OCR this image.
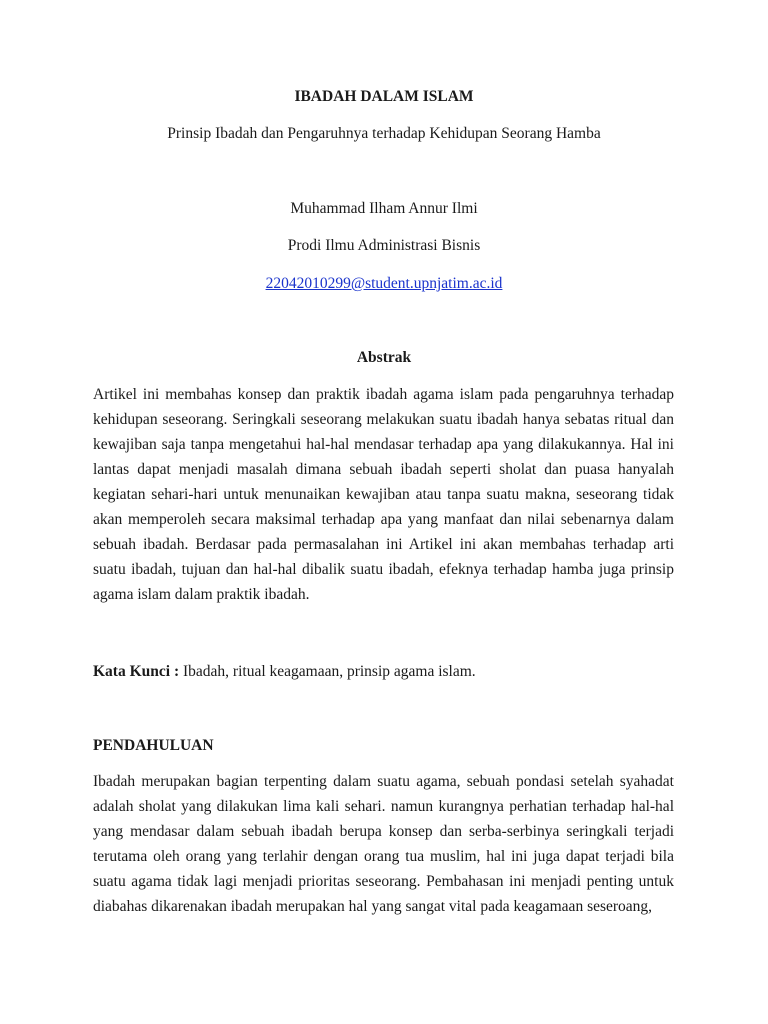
IBADAH DALAM ISLAM
Prinsip Ibadah dan Pengaruhnya terhadap Kehidupan Seorang Hamba
Muhammad Ilham Annur Ilmi
Prodi Ilmu Administrasi Bisnis
22042010299@student.upnjatim.ac.id
Abstrak
Artikel ini membahas konsep dan praktik ibadah agama islam pada pengaruhnya terhadap kehidupan seseorang. Seringkali seseorang melakukan suatu ibadah hanya sebatas ritual dan kewajiban saja tanpa mengetahui hal-hal mendasar terhadap apa yang dilakukannya. Hal ini lantas dapat menjadi masalah dimana sebuah ibadah seperti sholat dan puasa hanyalah kegiatan sehari-hari untuk menunaikan kewajiban atau tanpa suatu makna, seseorang tidak akan memperoleh secara maksimal terhadap apa yang manfaat dan nilai sebenarnya dalam sebuah ibadah. Berdasar pada permasalahan ini Artikel ini akan membahas terhadap arti suatu ibadah, tujuan dan hal-hal dibalik suatu ibadah, efeknya terhadap hamba juga prinsip agama islam dalam praktik ibadah.
Kata Kunci : Ibadah, ritual keagamaan, prinsip agama islam.
PENDAHULUAN
Ibadah merupakan bagian terpenting dalam suatu agama, sebuah pondasi setelah syahadat adalah sholat yang dilakukan lima kali sehari. namun kurangnya perhatian terhadap hal-hal yang mendasar dalam sebuah ibadah berupa konsep dan serba-serbinya seringkali terjadi terutama oleh orang yang terlahir dengan orang tua muslim, hal ini juga dapat terjadi bila suatu agama tidak lagi menjadi prioritas seseorang. Pembahasan ini menjadi penting untuk diabahas dikarenakan ibadah merupakan hal yang sangat vital pada keagamaan seseroang,
